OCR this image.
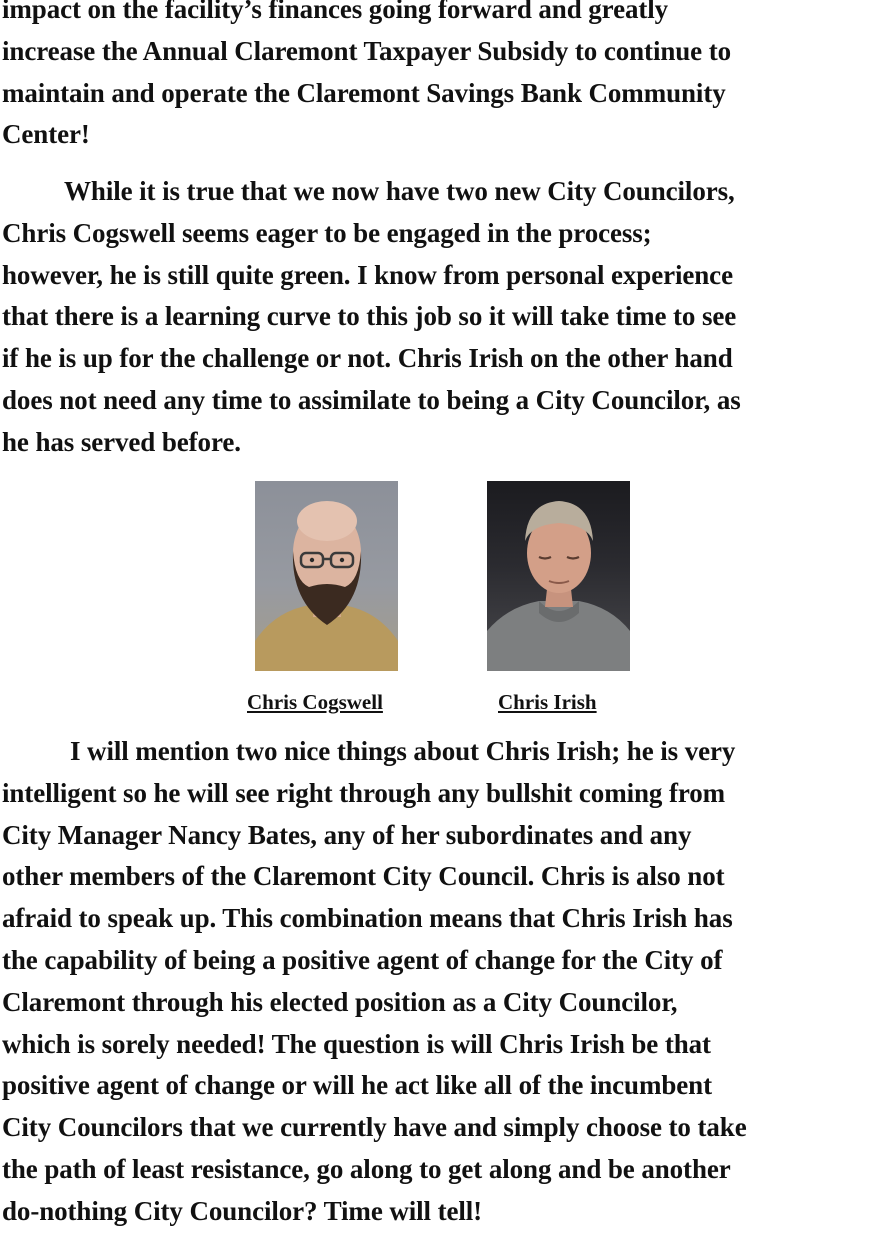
impact on the facility’s finances going forward and greatly
increase the Annual Claremont Taxpayer Subsidy to continue to
maintain and operate the Claremont Savings Bank Community
Center!

While it is true that we now have two new City Councilors,
Chris Cogswell seems eager to be engaged in the process;
however, he is still quite green. I know from personal experience
that there is a learning curve to this job so it will take time to see
if he is up for the challenge or not. Chris Irish on the other hand
does not need any time to assimilate to being a City Councilor, as
he has served before.

Chris Cogswell	Chris Irish

I will mention two nice things about Chris Irish; he is very
intelligent so he will see right through any bullshit coming from
City Manager Nancy Bates, any of her subordinates and any
other members of the Claremont City Council. Chris is also not
afraid to speak up. This combination means that Chris Irish has
the capability of being a positive agent of change for the City of
Claremont through his elected position as a City Councilor,
which is sorely needed! The question is will Chris Irish be that
positive agent of change or will he act like all of the incumbent
City Councilors that we currently have and simply choose to take
the path of least resistance, go along to get along and be another
do-nothing City Councilor? Time will tell!
